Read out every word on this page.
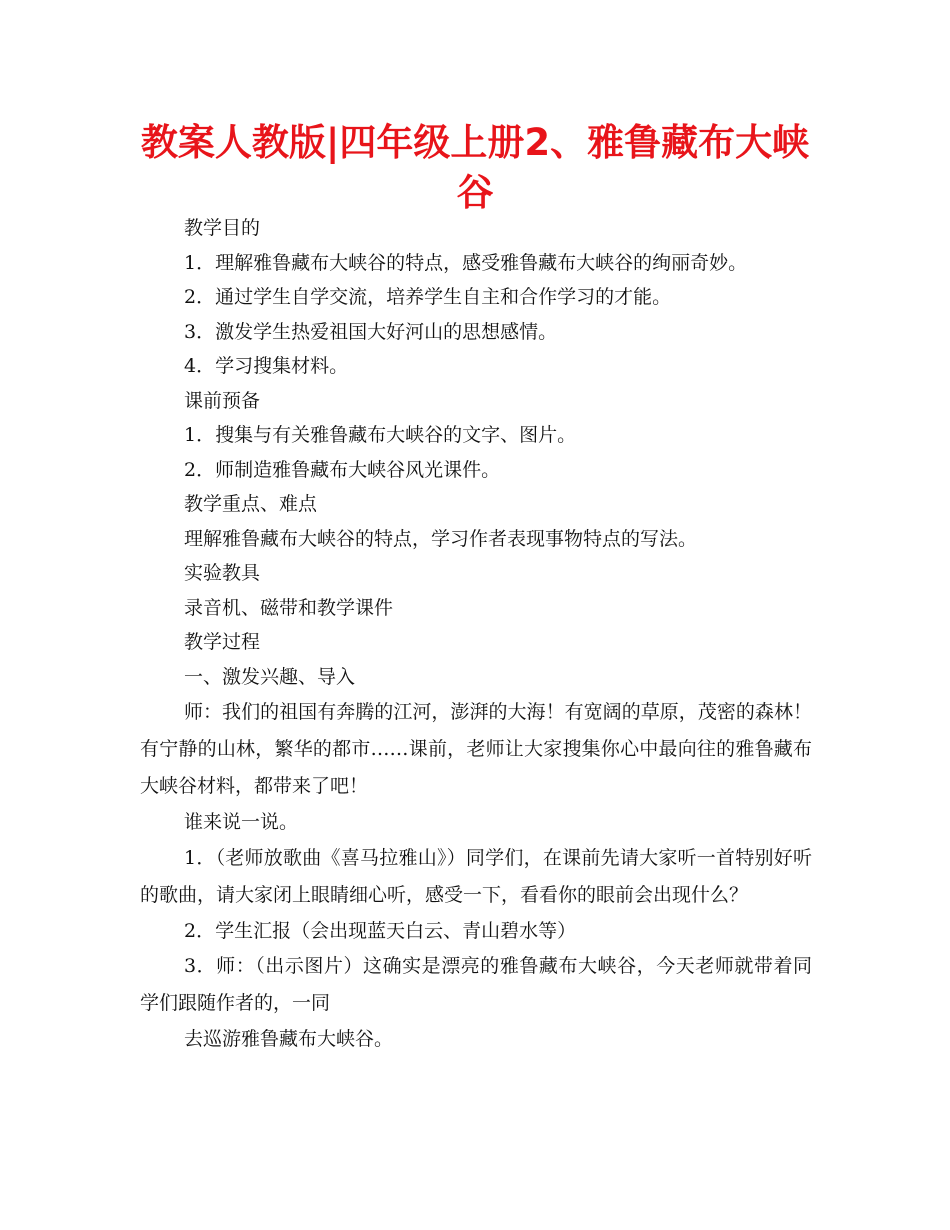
教案人教版|四年级上册2、雅鲁藏布大峡谷

教学目的

1．理解雅鲁藏布大峡谷的特点，感受雅鲁藏布大峡谷的绚丽奇妙。

2．通过学生自学交流，培养学生自主和合作学习的才能。

3．激发学生热爱祖国大好河山的思想感情。

4．学习搜集材料。

课前预备

1．搜集与有关雅鲁藏布大峡谷的文字、图片。

2．师制造雅鲁藏布大峡谷风光课件。

教学重点、难点

理解雅鲁藏布大峡谷的特点，学习作者表现事物特点的写法。

实验教具

录音机、磁带和教学课件

教学过程

一、激发兴趣、导入

师：我们的祖国有奔腾的江河，澎湃的大海！有宽阔的草原，茂密的森林！有宁静的山林，繁华的都市……课前，老师让大家搜集你心中最向往的雅鲁藏布大峡谷材料，都带来了吧！

谁来说一说。

1．（老师放歌曲《喜马拉雅山》）同学们，在课前先请大家听一首特别好听的歌曲，请大家闭上眼睛细心听，感受一下，看看你的眼前会出现什么？

2．学生汇报（会出现蓝天白云、青山碧水等）

3．师：（出示图片）这确实是漂亮的雅鲁藏布大峡谷，今天老师就带着同学们跟随作者的，一同

去巡游雅鲁藏布大峡谷。
